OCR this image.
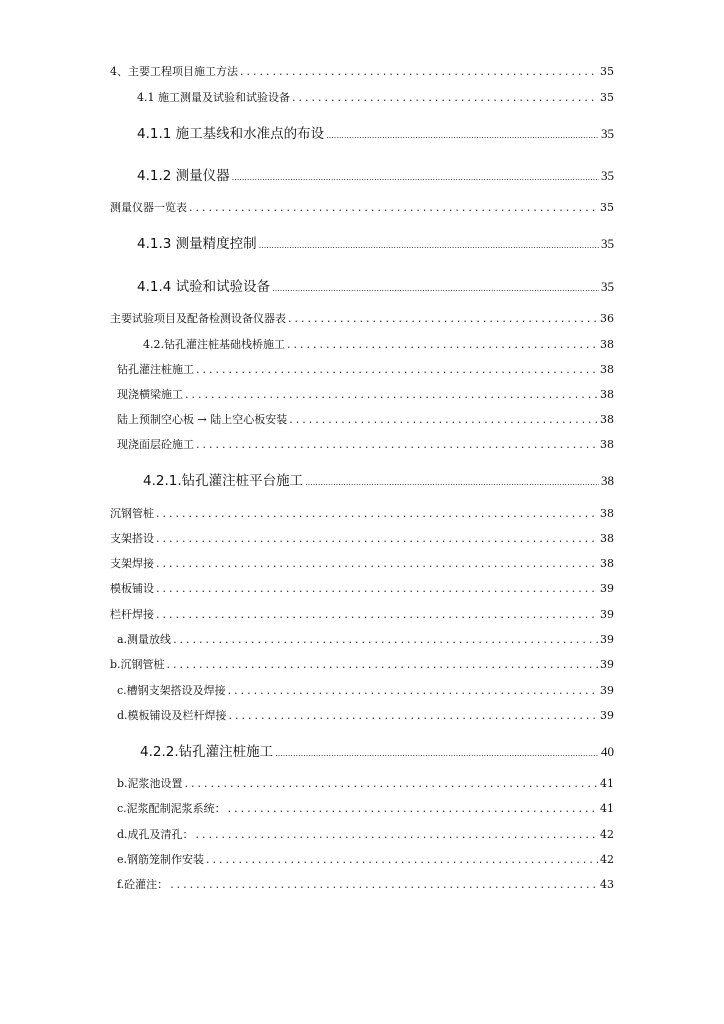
4、主要工程项目施工方法 .....	35
4.1 施工测量及试验和试验设备 .....	35
4.1.1 施工基线和水准点的布设 .....	35
4.1.2 测量仪器 .....	35
测量仪器一览表 .....	35
4.1.3 测量精度控制 .....	35
4.1.4 试验和试验设备 .....	35
主要试验项目及配备检测设备仪器表 .....	36
4.2.钻孔灌注桩基础栈桥施工 .....	38
钻孔灌注桩施工 .....	38
现浇横梁施工 .....	38
陆上预制空心板 → 陆上空心板安装 .....	38
现浇面层砼施工 .....	38
4.2.1.钻孔灌注桩平台施工 .....	38
沉钢管桩 .....	38
支架搭设 .....	38
支架焊接 .....	38
模板铺设 .....	39
栏杆焊接 .....	39
a.测量放线 .....	39
b.沉钢管桩 .....	39
c.槽钢支架搭设及焊接 .....	39
d.模板铺设及栏杆焊接 .....	39
4.2.2.钻孔灌注桩施工 .....	40
b.泥浆池设置 .....	41
c.泥浆配制泥浆系统： .....	41
d.成孔及清孔： .....	42
e.钢筋笼制作安装 .....	42
f.砼灌注： .....	43
